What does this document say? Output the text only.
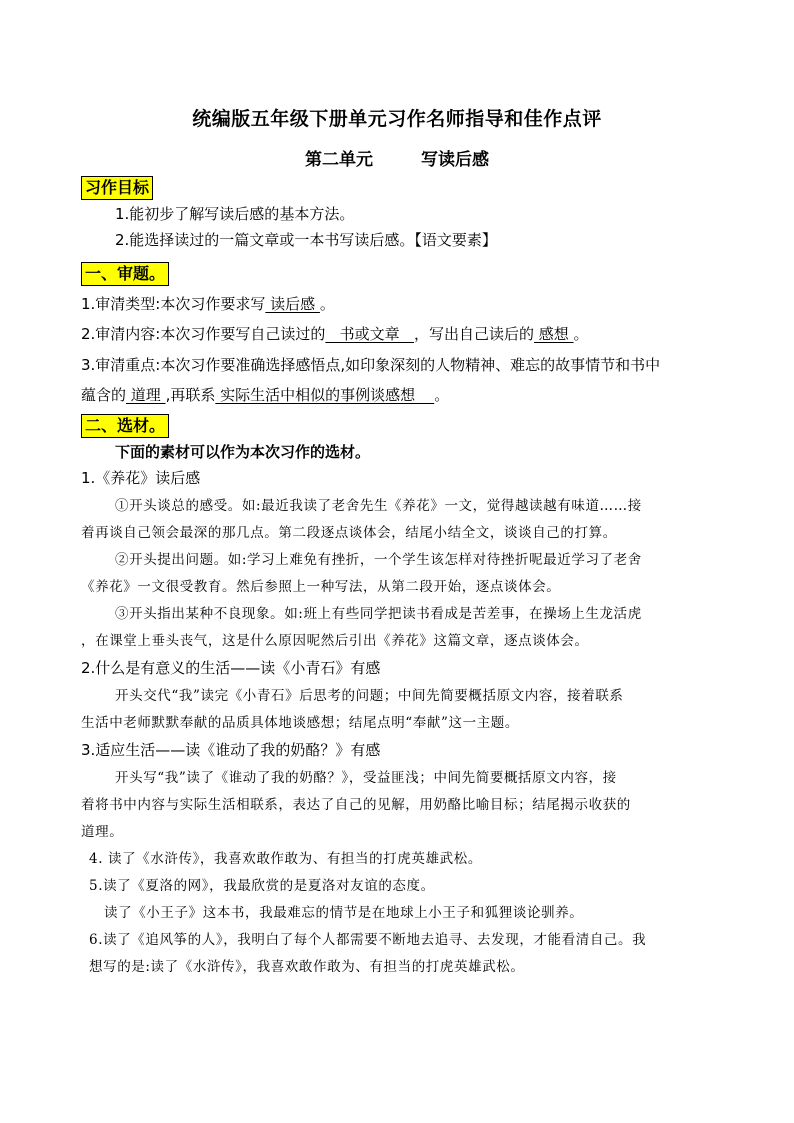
统编版五年级下册单元习作名师指导和佳作点评
第二单元	写读后感
习作目标
1.能初步了解写读后感的基本方法。
2.能选择读过的一篇文章或一本书写读后感。【语文要素】
一、审题。
1.审清类型:本次习作要求写 读后感 。
2.审清内容:本次习作要写自己读过的   书或文章   ，写出自己读后的 感想 。
3.审清重点:本次习作要准确选择感悟点,如印象深刻的人物精神、难忘的故事情节和书中
蕴含的 道理 ,再联系 实际生活中相似的事例谈感想    。
二、选材。
下面的素材可以作为本次习作的选材。
1.《养花》读后感
①开头谈总的感受。如:最近我读了老舍先生《养花》一文，觉得越读越有味道……接
着再谈自己领会最深的那几点。第二段逐点谈体会，结尾小结全文，谈谈自己的打算。
②开头提出问题。如:学习上难免有挫折，一个学生该怎样对待挫折呢最近学习了老舍
《养花》一文很受教育。然后参照上一种写法，从第二段开始，逐点谈体会。
③开头指出某种不良现象。如:班上有些同学把读书看成是苦差事，在操场上生龙活虎
，在课堂上垂头丧气，这是什么原因呢然后引出《养花》这篇文章，逐点谈体会。
2.什么是有意义的生活——读《小青石》有感
开头交代“我”读完《小青石》后思考的问题；中间先简要概括原文内容，接着联系
生活中老师默默奉献的品质具体地谈感想；结尾点明“奉献”这一主题。
3.适应生活——读《谁动了我的奶酪？》有感
开头写“我”读了《谁动了我的奶酪？》，受益匪浅；中间先简要概括原文内容，接
着将书中内容与实际生活相联系，表达了自己的见解，用奶酪比喻目标；结尾揭示收获的
道理。
4. 读了《水浒传》，我喜欢敢作敢为、有担当的打虎英雄武松。
5.读了《夏洛的网》，我最欣赏的是夏洛对友谊的态度。
读了《小王子》这本书，我最难忘的情节是在地球上小王子和狐狸谈论驯养。
6.读了《追风筝的人》，我明白了每个人都需要不断地去追寻、去发现，才能看清自己。我
想写的是:读了《水浒传》，我喜欢敢作敢为、有担当的打虎英雄武松。
